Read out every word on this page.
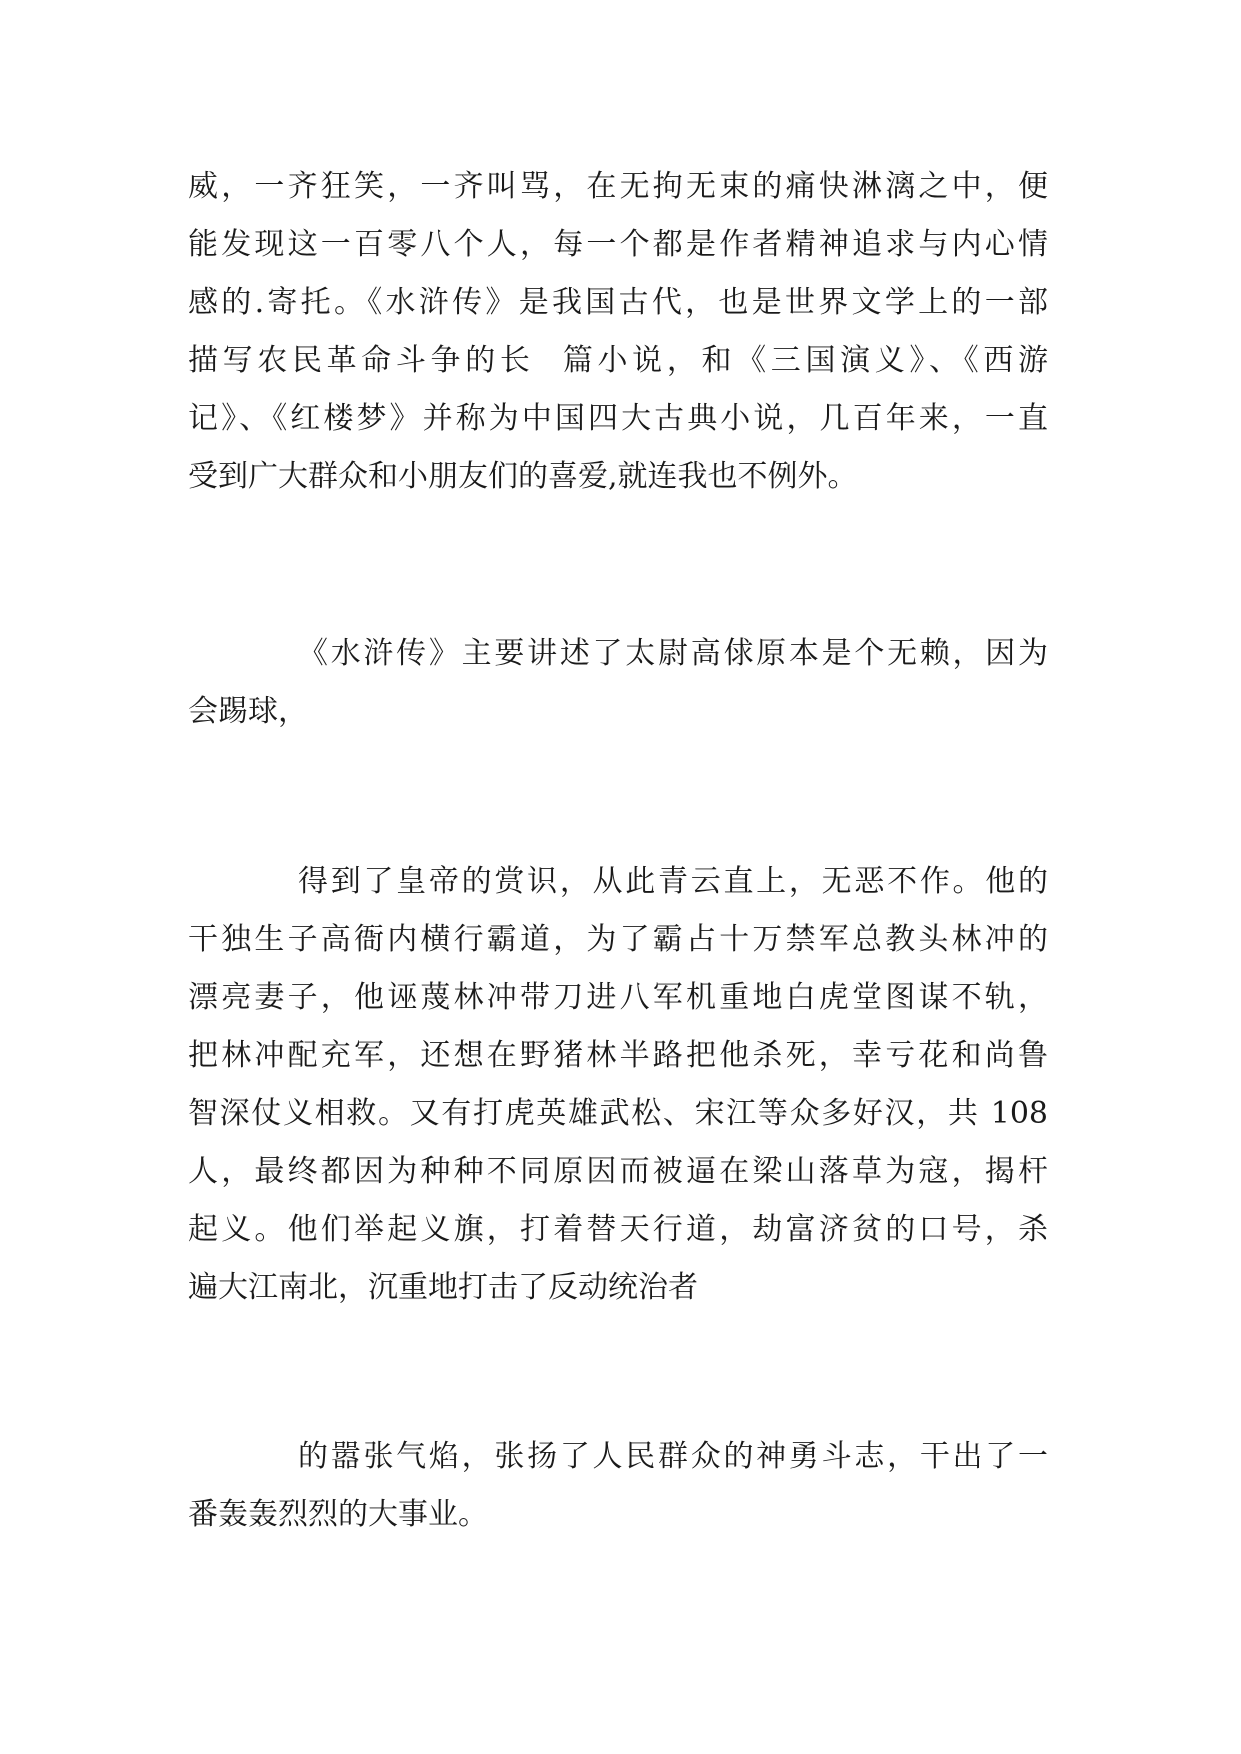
威，一齐狂笑，一齐叫骂，在无拘无束的痛快淋漓之中，便
能发现这一百零八个人，每一个都是作者精神追求与内心情
感的.寄托。《水浒传》是我国古代，也是世界文学上的一部
描写农民革命斗争的长  篇小说，和《三国演义》、《西游
记》、《红楼梦》并称为中国四大古典小说，几百年来，一直
受到广大群众和小朋友们的喜爱,就连我也不例外。
《水浒传》主要讲述了太尉高俅原本是个无赖，因为
会踢球，
得到了皇帝的赏识，从此青云直上，无恶不作。他的
干独生子高衙内横行霸道，为了霸占十万禁军总教头林冲的
漂亮妻子，他诬蔑林冲带刀进八军机重地白虎堂图谋不轨，
把林冲配充军，还想在野猪林半路把他杀死，幸亏花和尚鲁
智深仗义相救。又有打虎英雄武松、宋江等众多好汉，共 108
人，最终都因为种种不同原因而被逼在梁山落草为寇，揭杆
起义。他们举起义旗，打着替天行道，劫富济贫的口号，杀
遍大江南北，沉重地打击了反动统治者
的嚣张气焰，张扬了人民群众的神勇斗志，干出了一
番轰轰烈烈的大事业。
